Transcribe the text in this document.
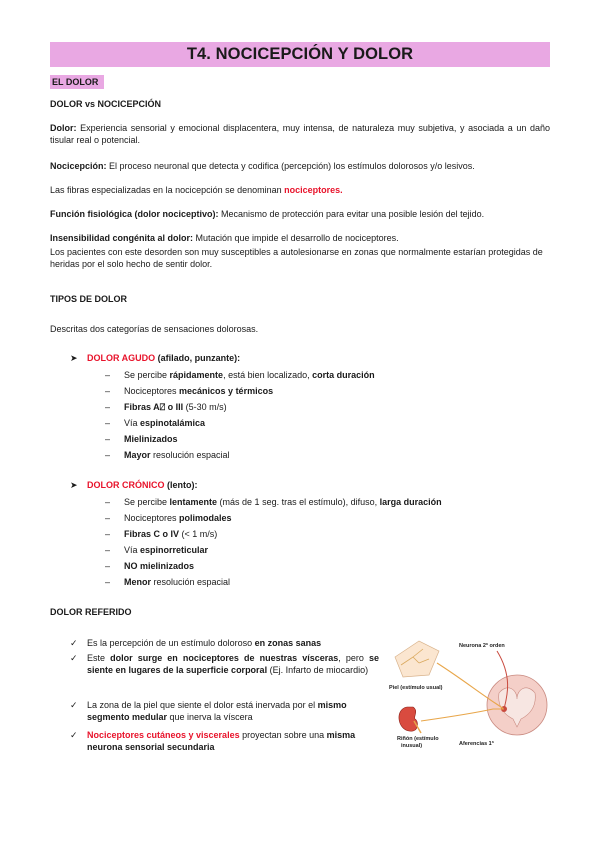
T4. NOCICEPCIÓN Y DOLOR
EL DOLOR
DOLOR vs NOCICEPCIÓN
Dolor: Experiencia sensorial y emocional displacentera, muy intensa, de naturaleza muy subjetiva, y asociada a un daño tisular real o potencial.
Nocicepción: El proceso neuronal que detecta y codifica (percepción) los estímulos dolorosos y/o lesivos.
Las fibras especializadas en la nocicepción se denominan nociceptores.
Función fisiológica (dolor nociceptivo): Mecanismo de protección para evitar una posible lesión del tejido.
Insensibilidad congénita al dolor: Mutación que impide el desarrollo de nociceptores.
Los pacientes con este desorden son muy susceptibles a autolesionarse en zonas que normalmente estarían protegidas de heridas por el solo hecho de sentir dolor.
TIPOS DE DOLOR
Descritas dos categorías de sensaciones dolorosas.
➤ DOLOR AGUDO (afilado, punzante):
– Se percibe rápidamente, está bien localizado, corta duración
– Nociceptores mecánicos y térmicos
– Fibras A⍁ o III (5-30 m/s)
– Vía espinotalámica
– Mielinizados
– Mayor resolución espacial
➤ DOLOR CRÓNICO (lento):
– Se percibe lentamente (más de 1 seg. tras el estímulo), difuso, larga duración
– Nociceptores polimodales
– Fibras C o IV (< 1 m/s)
– Vía espinorreticular
– NO mielinizados
– Menor resolución espacial
DOLOR REFERIDO
✓ Es la percepción de un estímulo doloroso en zonas sanas
✓ Este dolor surge en nociceptores de nuestras vísceras, pero se siente en lugares de la superficie corporal (Ej. Infarto de miocardio)
✓ La zona de la piel que siente el dolor está inervada por el mismo segmento medular que inerva la víscera
✓ Nociceptores cutáneos y viscerales proyectan sobre una misma neurona sensorial secundaria
Neurona 2ª orden
Piel (estímulo usual)
Riñón (estímulo
inusual)	Aferencias 1ª
